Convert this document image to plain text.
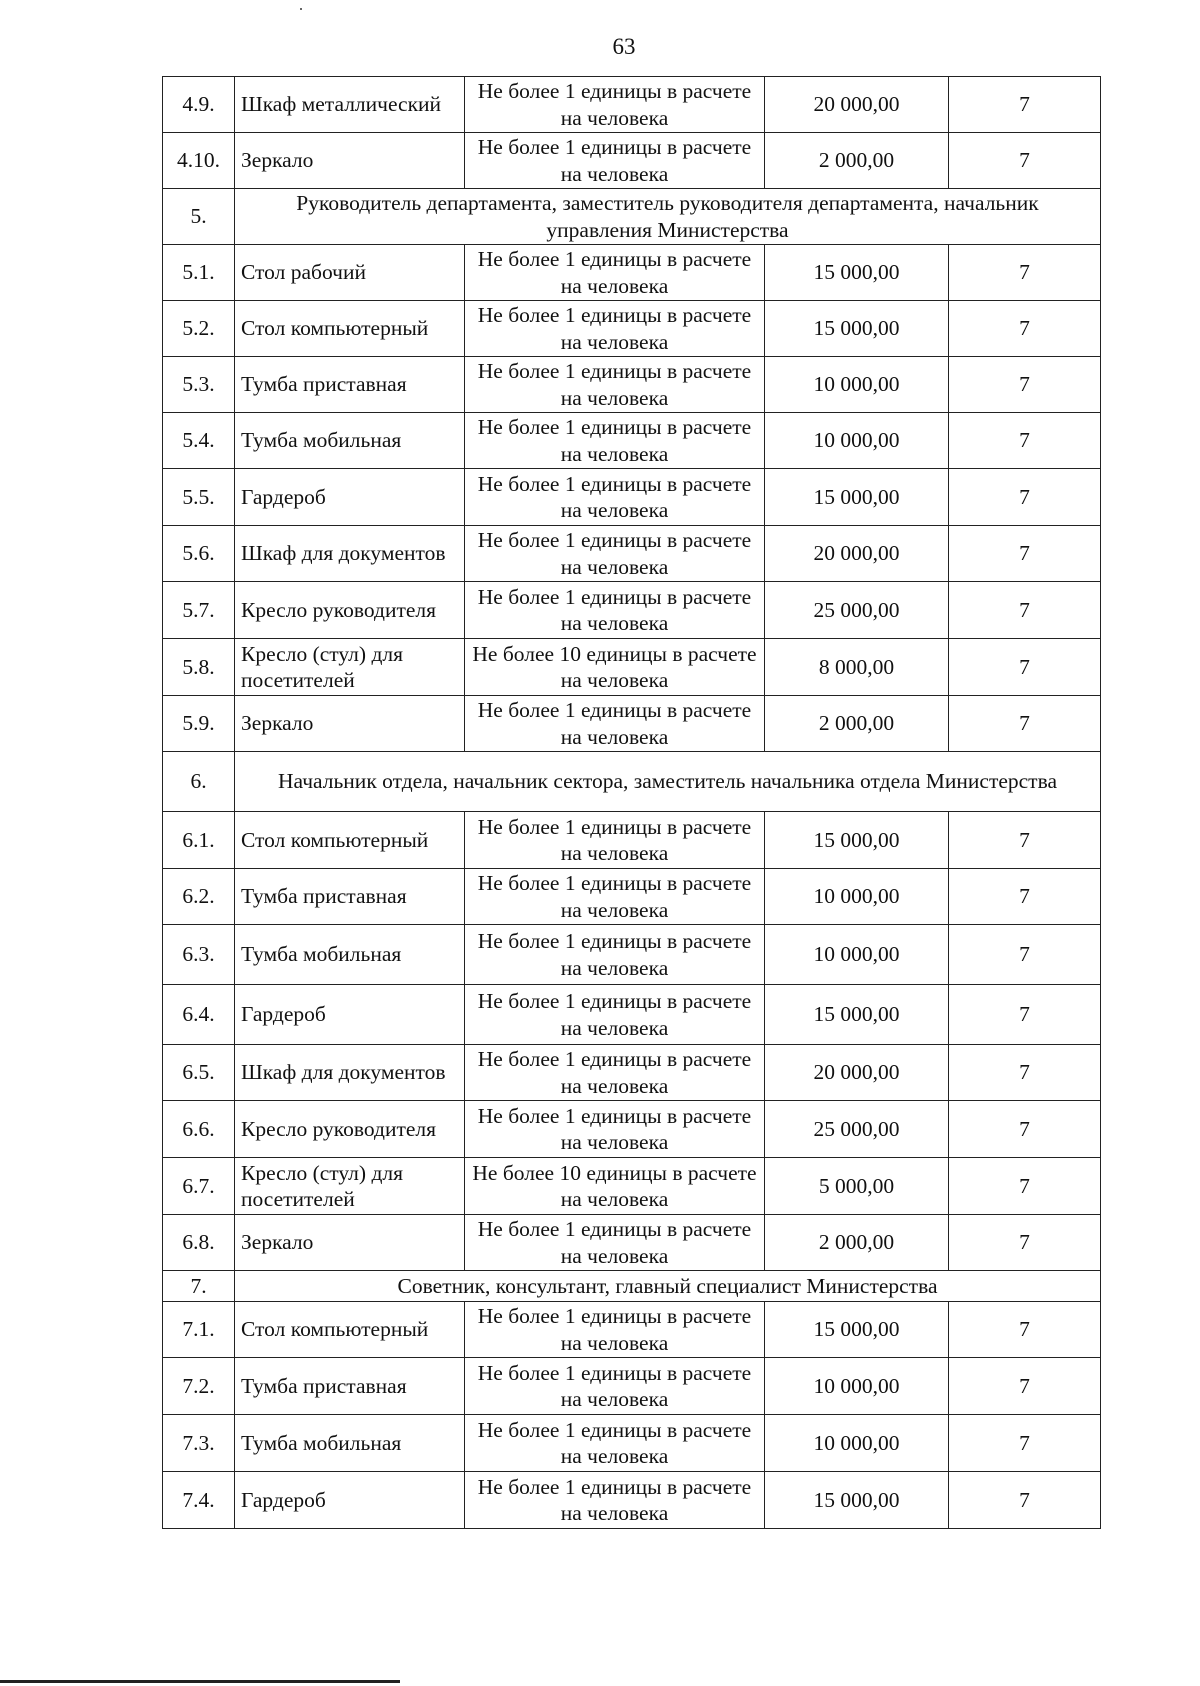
63
4.9.	Шкаф металлический	Не более 1 единицы в расчете на человека	20 000,00	7
4.10.	Зеркало	Не более 1 единицы в расчете на человека	2 000,00	7
5.	Руководитель департамента, заместитель руководителя департамента, начальник управления Министерства			
5.1.	Стол рабочий	Не более 1 единицы в расчете на человека	15 000,00	7
5.2.	Стол компьютерный	Не более 1 единицы в расчете на человека	15 000,00	7
5.3.	Тумба приставная	Не более 1 единицы в расчете на человека	10 000,00	7
5.4.	Тумба мобильная	Не более 1 единицы в расчете на человека	10 000,00	7
5.5.	Гардероб	Не более 1 единицы в расчете на человека	15 000,00	7
5.6.	Шкаф для документов	Не более 1 единицы в расчете на человека	20 000,00	7
5.7.	Кресло руководителя	Не более 1 единицы в расчете на человека	25 000,00	7
5.8.	Кресло (стул) для посетителей	Не более 10 единицы в расчете на человека	8 000,00	7
5.9.	Зеркало	Не более 1 единицы в расчете на человека	2 000,00	7
6.	Начальник отдела, начальник сектора, заместитель начальника отдела Министерства			
6.1.	Стол компьютерный	Не более 1 единицы в расчете на человека	15 000,00	7
6.2.	Тумба приставная	Не более 1 единицы в расчете на человека	10 000,00	7
6.3.	Тумба мобильная	Не более 1 единицы в расчете на человека	10 000,00	7
6.4.	Гардероб	Не более 1 единицы в расчете на человека	15 000,00	7
6.5.	Шкаф для документов	Не более 1 единицы в расчете на человека	20 000,00	7
6.6.	Кресло руководителя	Не более 1 единицы в расчете на человека	25 000,00	7
6.7.	Кресло (стул) для посетителей	Не более 10 единицы в расчете на человека	5 000,00	7
6.8.	Зеркало	Не более 1 единицы в расчете на человека	2 000,00	7
7.	Советник, консультант, главный специалист Министерства			
7.1.	Стол компьютерный	Не более 1 единицы в расчете на человека	15 000,00	7
7.2.	Тумба приставная	Не более 1 единицы в расчете на человека	10 000,00	7
7.3.	Тумба мобильная	Не более 1 единицы в расчете на человека	10 000,00	7
7.4.	Гардероб	Не более 1 единицы в расчете на человека	15 000,00	7
